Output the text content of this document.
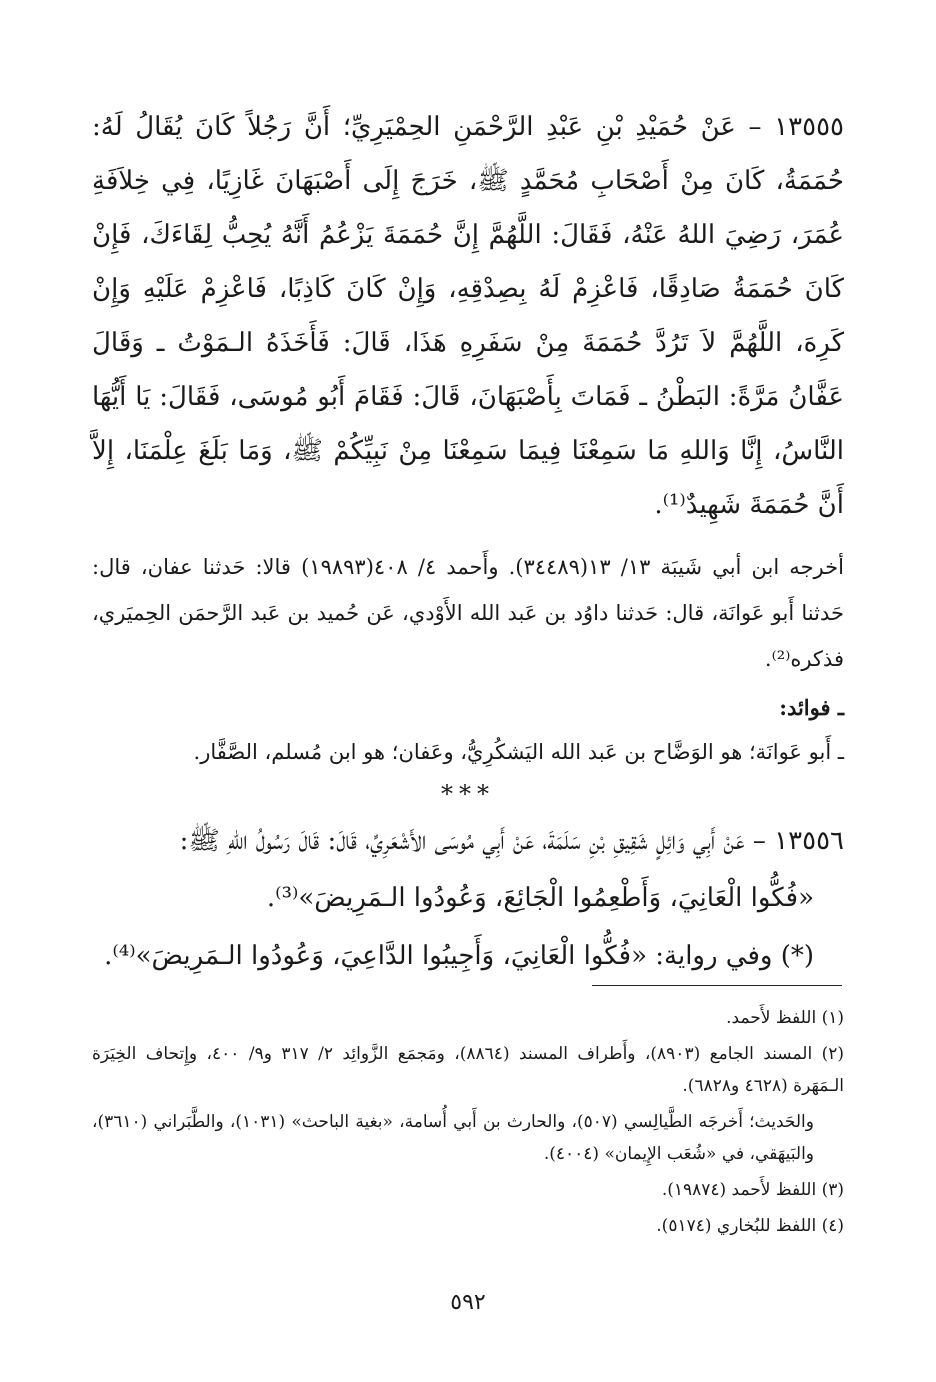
١٣٥٥٥ – عَنْ حُمَيْدِ بْنِ عَبْدِ الرَّحْمَنِ الحِمْيَرِيِّ؛ أَنَّ رَجُلاً كَانَ يُقَالُ لَهُ: حُمَمَةُ، كَانَ مِنْ أَصْحَابِ مُحَمَّدٍ ﷺ، خَرَجَ إِلَى أَصْبَهَانَ غَازِيًا، فِي خِلاَفَةِ عُمَرَ، رَضِيَ اللهُ عَنْهُ، فَقَالَ: اللَّهُمَّ إِنَّ حُمَمَةَ يَزْعُمُ أَنَّهُ يُحِبُّ لِقَاءَكَ، فَإِنْ كَانَ حُمَمَةُ صَادِقًا، فَاعْزِمْ لَهُ بِصِدْقِهِ، وَإِنْ كَانَ كَاذِبًا، فَاعْزِمْ عَلَيْهِ وَإِنْ كَرِهَ، اللَّهُمَّ لاَ تَرُدَّ حُمَمَةَ مِنْ سَفَرِهِ هَذَا، قَالَ: فَأَخَذَهُ الـمَوْتُ ـ وَقَالَ عَفَّانُ مَرَّةً: البَطْنُ ـ فَمَاتَ بِأَصْبَهَانَ، قَالَ: فَقَامَ أَبُو مُوسَى، فَقَالَ: يَا أَيُّهَا النَّاسُ، إِنَّا وَاللهِ مَا سَمِعْنَا فِيمَا سَمِعْنَا مِنْ نَبِيِّكُمْ ﷺ، وَمَا بَلَغَ عِلْمَنَا، إِلاَّ أَنَّ حُمَمَةَ شَهِيدٌ⁽¹⁾.

أخرجه ابن أبي شَيبَة ١٣/ ١٣(٣٤٤٨٩). وأَحمد ٤/ ٤٠٨(١٩٨٩٣) قالا: حَدثنا عفان، قال: حَدثنا أَبو عَوانَة، قال: حَدثنا داوُد بن عَبد الله الأَوْدي، عَن حُميد بن عَبد الرَّحمَن الحِميَري، فذكره⁽²⁾.

ـ فوائد:

ـ أَبو عَوانَة؛ هو الوَضَّاح بن عَبد الله اليَشكُرِيُّ، وعَفان؛ هو ابن مُسلم، الصَّفَّار.

***

١٣٥٥٦ – عَنْ أَبِي وَائِلٍ شَقِيقِ بْنِ سَلَمَةَ، عَنْ أَبِي مُوسَى الأَشْعَرِيِّ، قَالَ: قَالَ رَسُولُ اللهِ ﷺ:

«فُكُّوا الْعَانِيَ، وَأَطْعِمُوا الْجَائِعَ، وَعُودُوا الـمَرِيضَ»⁽³⁾.

(*) وفي رواية: «فُكُّوا الْعَانِيَ، وَأَجِيبُوا الدَّاعِيَ، وَعُودُوا الـمَرِيضَ»⁽⁴⁾.

(١) اللفظ لأَحمد.

(٢) المسند الجامع (٨٩٠٣)، وأَطراف المسند (٨٨٦٤)، ومَجمَع الزَّوائِد ٢/ ٣١٧ و٩/ ٤٠٠، وإِتحاف الخِيَرَة الـمَهَرة (٤٦٢٨ و٦٨٢٨).

والحَديث؛ أَخرجَه الطَّيالِسي (٥٠٧)، والحارث بن أَبي أُسامة، «بغية الباحث» (١٠٣١)، والطَّبَراني (٣٦١٠)، والبَيهَقي، في «شُعَب الإِيمان» (٤٠٠٤).

(٣) اللفظ لأَحمد (١٩٨٧٤).

(٤) اللفظ للبُخاري (٥١٧٤).

٥٩٢
